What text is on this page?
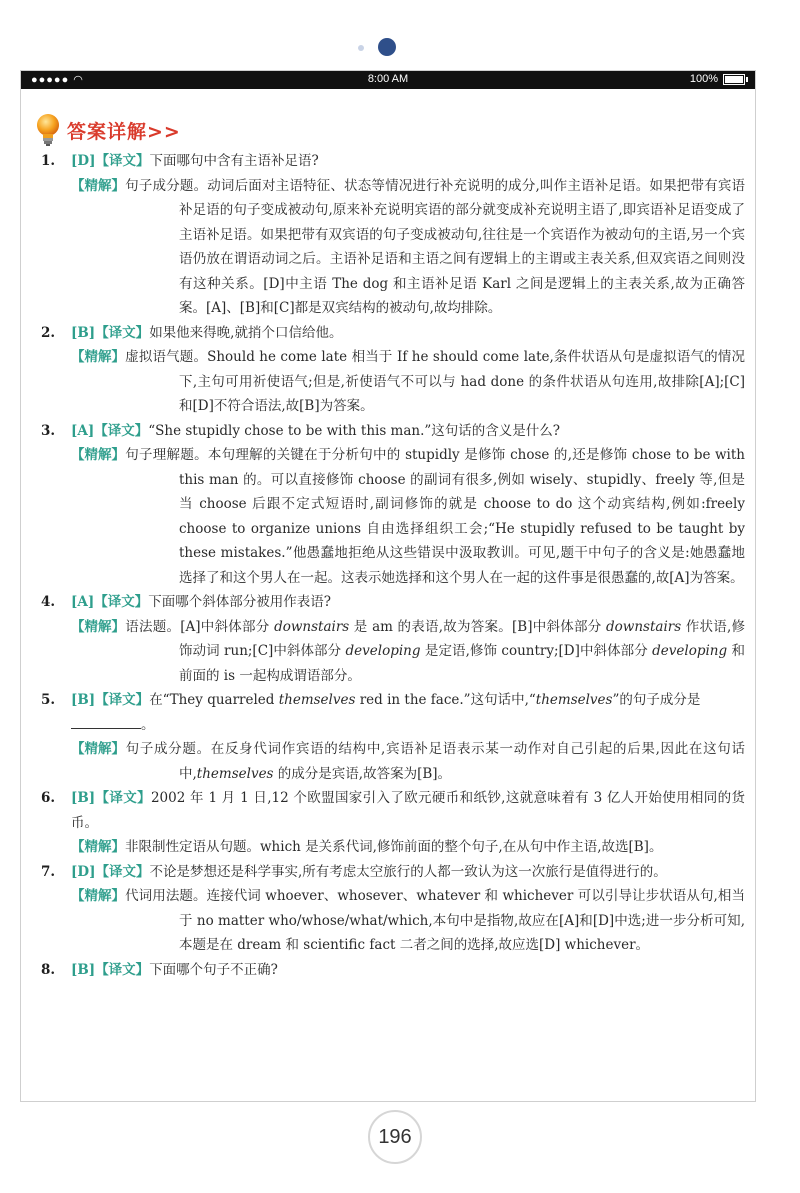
●●●●● ◠	8:00 AM	100%
答案详解>>
1. [D]【译文】下面哪句中含有主语补足语?
【精解】句子成分题。动词后面对主语特征、状态等情况进行补充说明的成分,叫作主语补足语。如果把带有宾语补足语的句子变成被动句,原来补充说明宾语的部分就变成补充说明主语了,即宾语补足语变成了主语补足语。如果把带有双宾语的句子变成被动句,往往是一个宾语作为被动句的主语,另一个宾语仍放在谓语动词之后。主语补足语和主语之间有逻辑上的主谓或主表关系,但双宾语之间则没有这种关系。[D]中主语 The dog 和主语补足语 Karl 之间是逻辑上的主表关系,故为正确答案。[A]、[B]和[C]都是双宾结构的被动句,故均排除。
2. [B]【译文】如果他来得晚,就捎个口信给他。
【精解】虚拟语气题。Should he come late 相当于 If he should come late,条件状语从句是虚拟语气的情况下,主句可用祈使语气;但是,祈使语气不可以与 had done 的条件状语从句连用,故排除[A];[C]和[D]不符合语法,故[B]为答案。
3. [A]【译文】“She stupidly chose to be with this man.”这句话的含义是什么?
【精解】句子理解题。本句理解的关键在于分析句中的 stupidly 是修饰 chose 的,还是修饰 chose to be with this man 的。可以直接修饰 choose 的副词有很多,例如 wisely、stupidly、freely 等,但是当 choose 后跟不定式短语时,副词修饰的就是 choose to do 这个动宾结构,例如:freely choose to organize unions 自由选择组织工会;“He stupidly refused to be taught by these mistakes.”他愚蠢地拒绝从这些错误中汲取教训。可见,题干中句子的含义是:她愚蠢地选择了和这个男人在一起。这表示她选择和这个男人在一起的这件事是很愚蠢的,故[A]为答案。
4. [A]【译文】下面哪个斜体部分被用作表语?
【精解】语法题。[A]中斜体部分 downstairs 是 am 的表语,故为答案。[B]中斜体部分 downstairs 作状语,修饰动词 run;[C]中斜体部分 developing 是定语,修饰 country;[D]中斜体部分 developing 和前面的 is 一起构成谓语部分。
5. [B]【译文】在“They quarreled themselves red in the face.”这句话中,“themselves”的句子成分是
。
【精解】句子成分题。在反身代词作宾语的结构中,宾语补足语表示某一动作对自己引起的后果,因此在这句话中,themselves 的成分是宾语,故答案为[B]。
6. [B]【译文】2002 年 1 月 1 日,12 个欧盟国家引入了欧元硬币和纸钞,这就意味着有 3 亿人开始使用相同的货币。
【精解】非限制性定语从句题。which 是关系代词,修饰前面的整个句子,在从句中作主语,故选[B]。
7. [D]【译文】不论是梦想还是科学事实,所有考虑太空旅行的人都一致认为这一次旅行是值得进行的。
【精解】代词用法题。连接代词 whoever、whosever、whatever 和 whichever 可以引导让步状语从句,相当于 no matter who/whose/what/which,本句中是指物,故应在[A]和[D]中选;进一步分析可知,本题是在 dream 和 scientific fact 二者之间的选择,故应选[D] whichever。
8. [B]【译文】下面哪个句子不正确?
196
